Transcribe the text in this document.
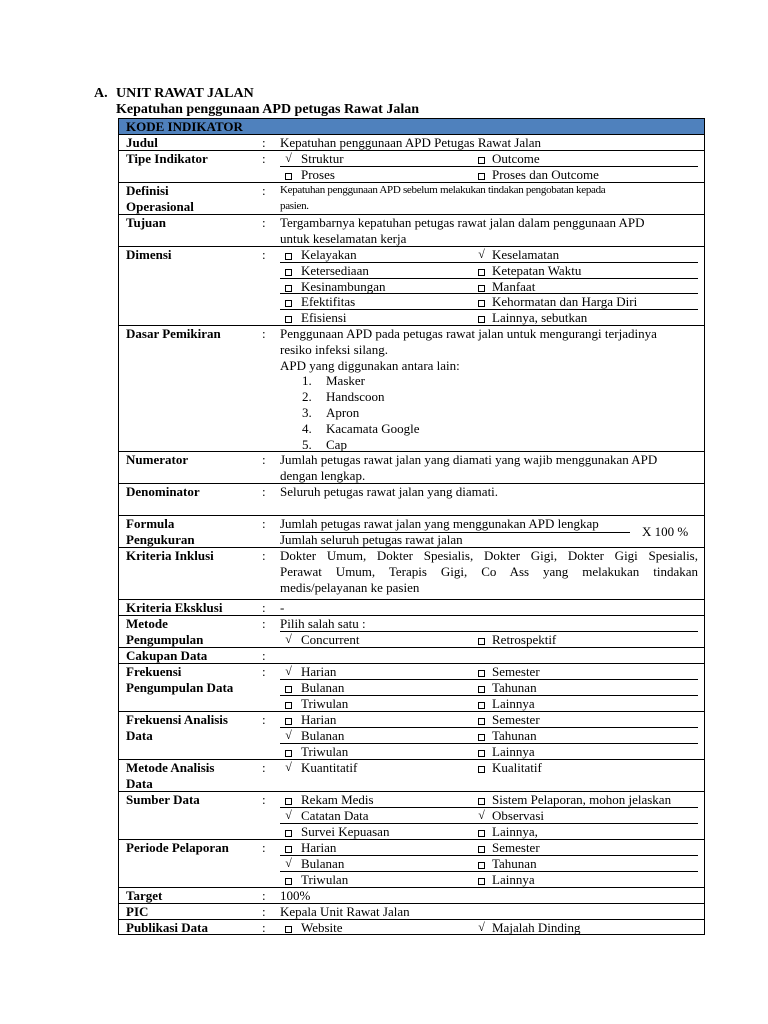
A. UNIT RAWAT JALAN
Kepatuhan penggunaan APD petugas Rawat Jalan
KODE INDIKATOR
Judul	: Kepatuhan penggunaan APD Petugas Rawat Jalan
Tipe Indikator	:	√ Struktur	Outcome
Proses	Proses dan Outcome
Definisi
Operasional
: Kepatuhan penggunaan APD sebelum melakukan tindakan pengobatan kepada
pasien.
Tujuan	: Tergambarnya kepatuhan petugas rawat jalan dalam penggunaan APD
untuk keselamatan kerja
Dimensi	:	Kelayakan	√ Keselamatan
Ketersediaan	Ketepatan Waktu
Kesinambungan	Manfaat
Efektifitas	Kehormatan dan Harga Diri
Efisiensi	Lainnya, sebutkan
Dasar Pemikiran	: Penggunaan APD pada petugas rawat jalan untuk mengurangi terjadinya
resiko infeksi silang.
APD yang diggunakan antara lain:
1. Masker
2. Handscoon
3. Apron
4. Kacamata Google
5. Cap
Numerator	: Jumlah petugas rawat jalan yang diamati yang wajib menggunakan APD
dengan lengkap.
Denominator	: Seluruh petugas rawat jalan yang diamati.
Formula
Pengukuran
: Jumlah petugas rawat jalan yang menggunakan APD lengkap
Jumlah seluruh petugas rawat jalan
X 100 %
Kriteria Inklusi	: Dokter Umum, Dokter Spesialis, Dokter Gigi, Dokter Gigi Spesialis,
Perawat Umum, Terapis Gigi, Co Ass yang melakukan tindakan
medis/pelayanan ke pasien
Kriteria Eksklusi	: -
Metode
Pengumpulan
: Pilih salah satu :
√ Concurrent	Retrospektif
Cakupan Data	:
Frekuensi
Pengumpulan Data
:	√ Harian	Semester
Bulanan	Tahunan
Triwulan	Lainnya
Frekuensi Analisis
Data
:	Harian	Semester
√ Bulanan	Tahunan
Triwulan	Lainnya
Metode Analisis
Data
:	√ Kuantitatif	Kualitatif
Sumber Data	:	Rekam Medis	Sistem Pelaporan, mohon jelaskan
√ Catatan Data	√ Observasi
Survei Kepuasan	Lainnya,
Periode Pelaporan	:	Harian	Semester
√ Bulanan	Tahunan
Triwulan	Lainnya
Target	: 100%
PIC	: Kepala Unit Rawat Jalan
Publikasi Data	:	Website	√ Majalah Dinding
